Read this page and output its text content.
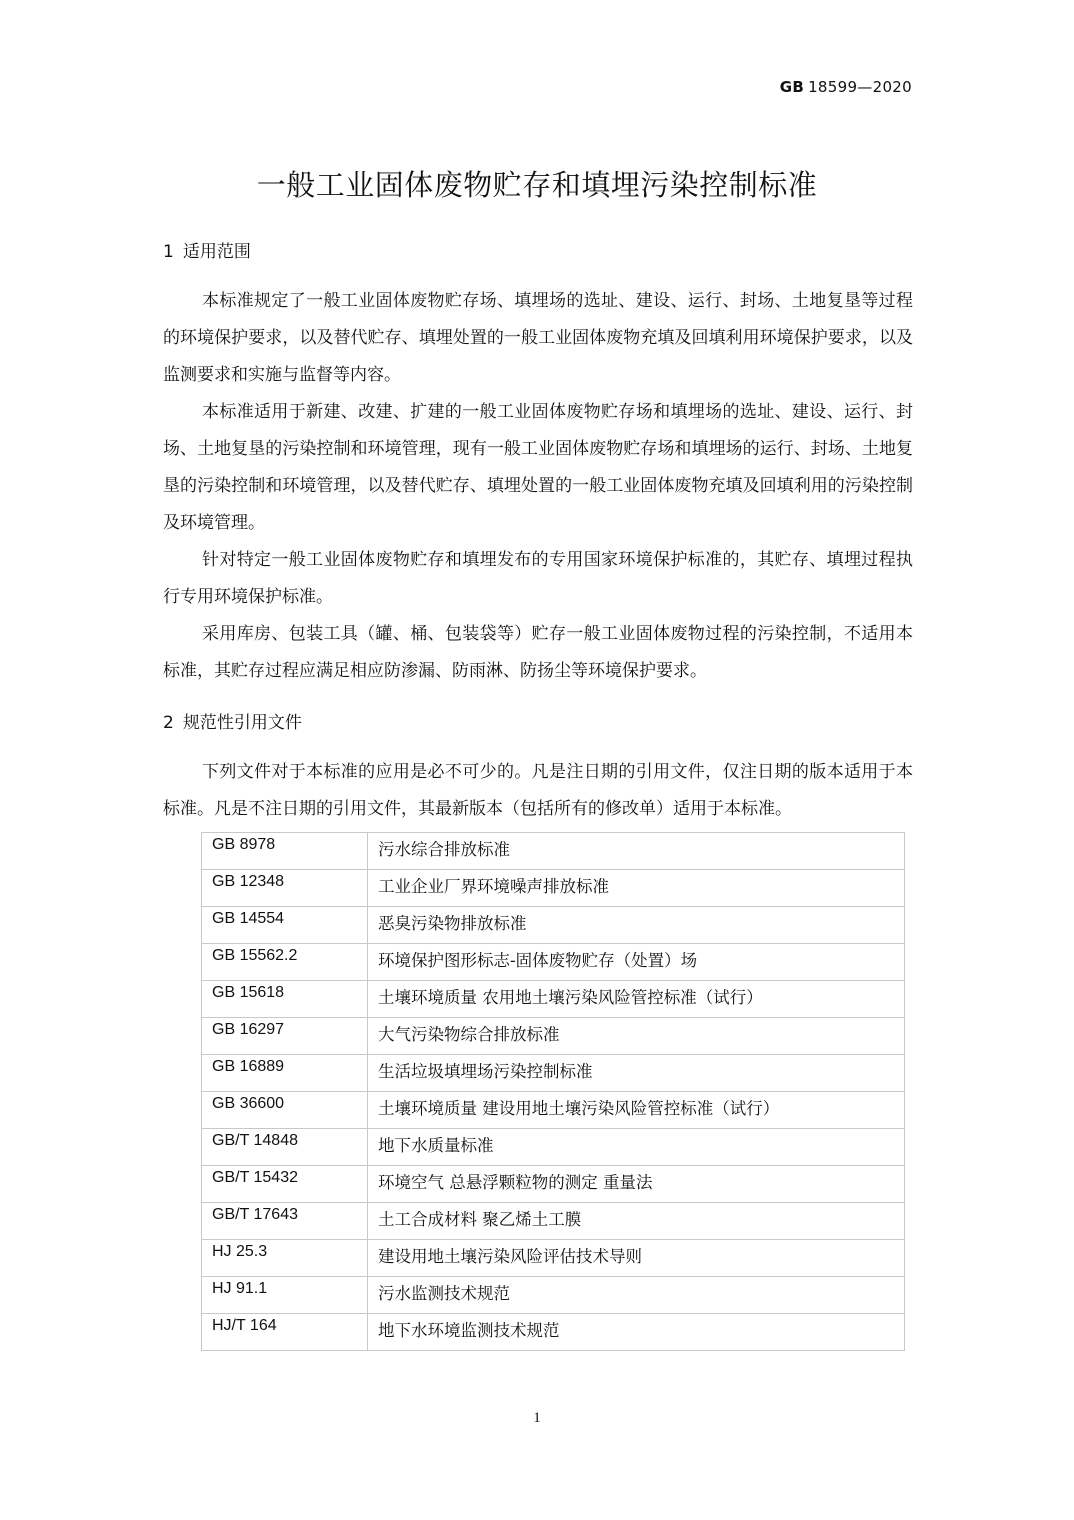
GB 18599—2020
一般工业固体废物贮存和填埋污染控制标准
1 适用范围

本标准规定了一般工业固体废物贮存场、填埋场的选址、建设、运行、封场、土地复垦等过程的环境保护要求，以及替代贮存、填埋处置的一般工业固体废物充填及回填利用环境保护要求，以及监测要求和实施与监督等内容。

本标准适用于新建、改建、扩建的一般工业固体废物贮存场和填埋场的选址、建设、运行、封场、土地复垦的污染控制和环境管理，现有一般工业固体废物贮存场和填埋场的运行、封场、土地复垦的污染控制和环境管理，以及替代贮存、填埋处置的一般工业固体废物充填及回填利用的污染控制及环境管理。

针对特定一般工业固体废物贮存和填埋发布的专用国家环境保护标准的，其贮存、填埋过程执行专用环境保护标准。

采用库房、包装工具（罐、桶、包装袋等）贮存一般工业固体废物过程的污染控制，不适用本标准，其贮存过程应满足相应防渗漏、防雨淋、防扬尘等环境保护要求。

2 规范性引用文件

下列文件对于本标准的应用是必不可少的。凡是注日期的引用文件，仅注日期的版本适用于本标准。凡是不注日期的引用文件，其最新版本（包括所有的修改单）适用于本标准。

GB 8978	污水综合排放标准
GB 12348	工业企业厂界环境噪声排放标准
GB 14554	恶臭污染物排放标准
GB 15562.2	环境保护图形标志-固体废物贮存（处置）场
GB 15618	土壤环境质量 农用地土壤污染风险管控标准（试行）
GB 16297	大气污染物综合排放标准
GB 16889	生活垃圾填埋场污染控制标准
GB 36600	土壤环境质量 建设用地土壤污染风险管控标准（试行）
GB/T 14848	地下水质量标准
GB/T 15432	环境空气 总悬浮颗粒物的测定 重量法
GB/T 17643	土工合成材料 聚乙烯土工膜
HJ 25.3	建设用地土壤污染风险评估技术导则
HJ 91.1	污水监测技术规范
HJ/T 164	地下水环境监测技术规范
1
